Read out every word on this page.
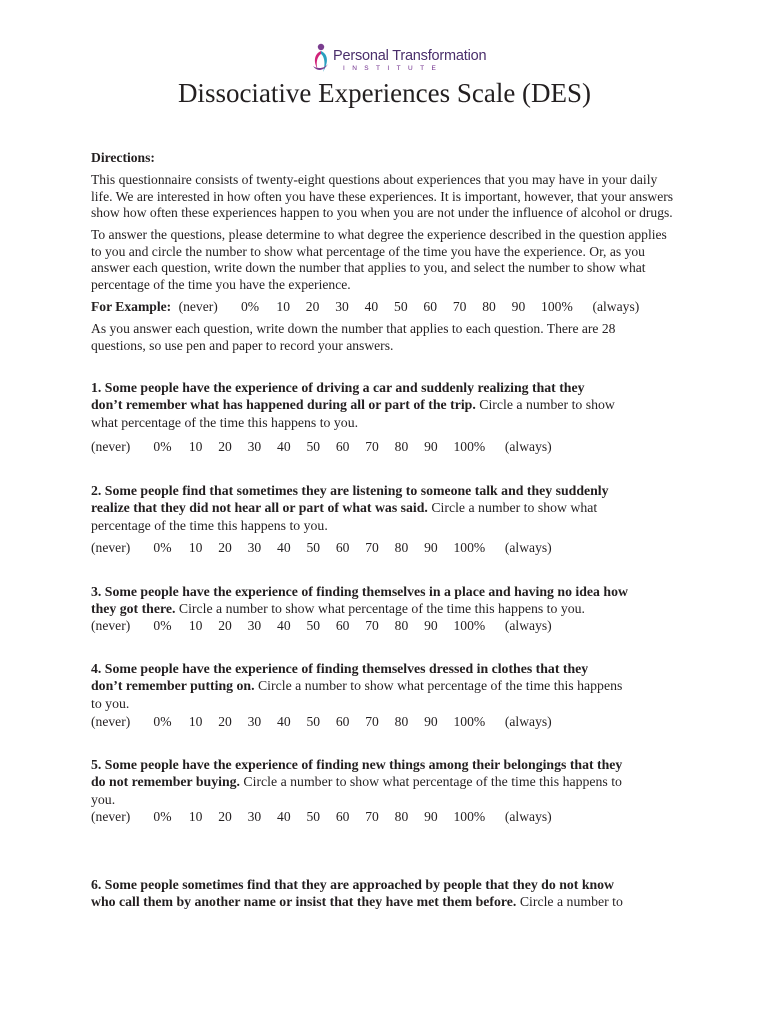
Personal Transformation
INSTITUTE
Dissociative Experiences Scale (DES)
Directions:
This questionnaire consists of twenty-eight questions about experiences that you may have in your daily
life. We are interested in how often you have these experiences. It is important, however, that your answers
show how often these experiences happen to you when you are not under the influence of alcohol or drugs.
To answer the questions, please determine to what degree the experience described in the question applies
to you and circle the number to show what percentage of the time you have the experience. Or, as you
answer each question, write down the number that applies to you, and select the number to show what
percentage of the time you have the experience.
For Example: (never) 0% 10 20 30 40 50 60 70 80 90 100% (always)
As you answer each question, write down the number that applies to each question. There are 28
questions, so use pen and paper to record your answers.
1. Some people have the experience of driving a car and suddenly realizing that they
don’t remember what has happened during all or part of the trip. Circle a number to show
what percentage of the time this happens to you.
(never) 0% 10 20 30 40 50 60 70 80 90 100% (always)
2. Some people find that sometimes they are listening to someone talk and they suddenly
realize that they did not hear all or part of what was said. Circle a number to show what
percentage of the time this happens to you.
(never) 0% 10 20 30 40 50 60 70 80 90 100% (always)
3. Some people have the experience of finding themselves in a place and having no idea how
they got there. Circle a number to show what percentage of the time this happens to you.
(never) 0% 10 20 30 40 50 60 70 80 90 100% (always)
4. Some people have the experience of finding themselves dressed in clothes that they
don’t remember putting on. Circle a number to show what percentage of the time this happens
to you.
(never) 0% 10 20 30 40 50 60 70 80 90 100% (always)
5. Some people have the experience of finding new things among their belongings that they
do not remember buying. Circle a number to show what percentage of the time this happens to
you.
(never) 0% 10 20 30 40 50 60 70 80 90 100% (always)
6. Some people sometimes find that they are approached by people that they do not know
who call them by another name or insist that they have met them before. Circle a number to
